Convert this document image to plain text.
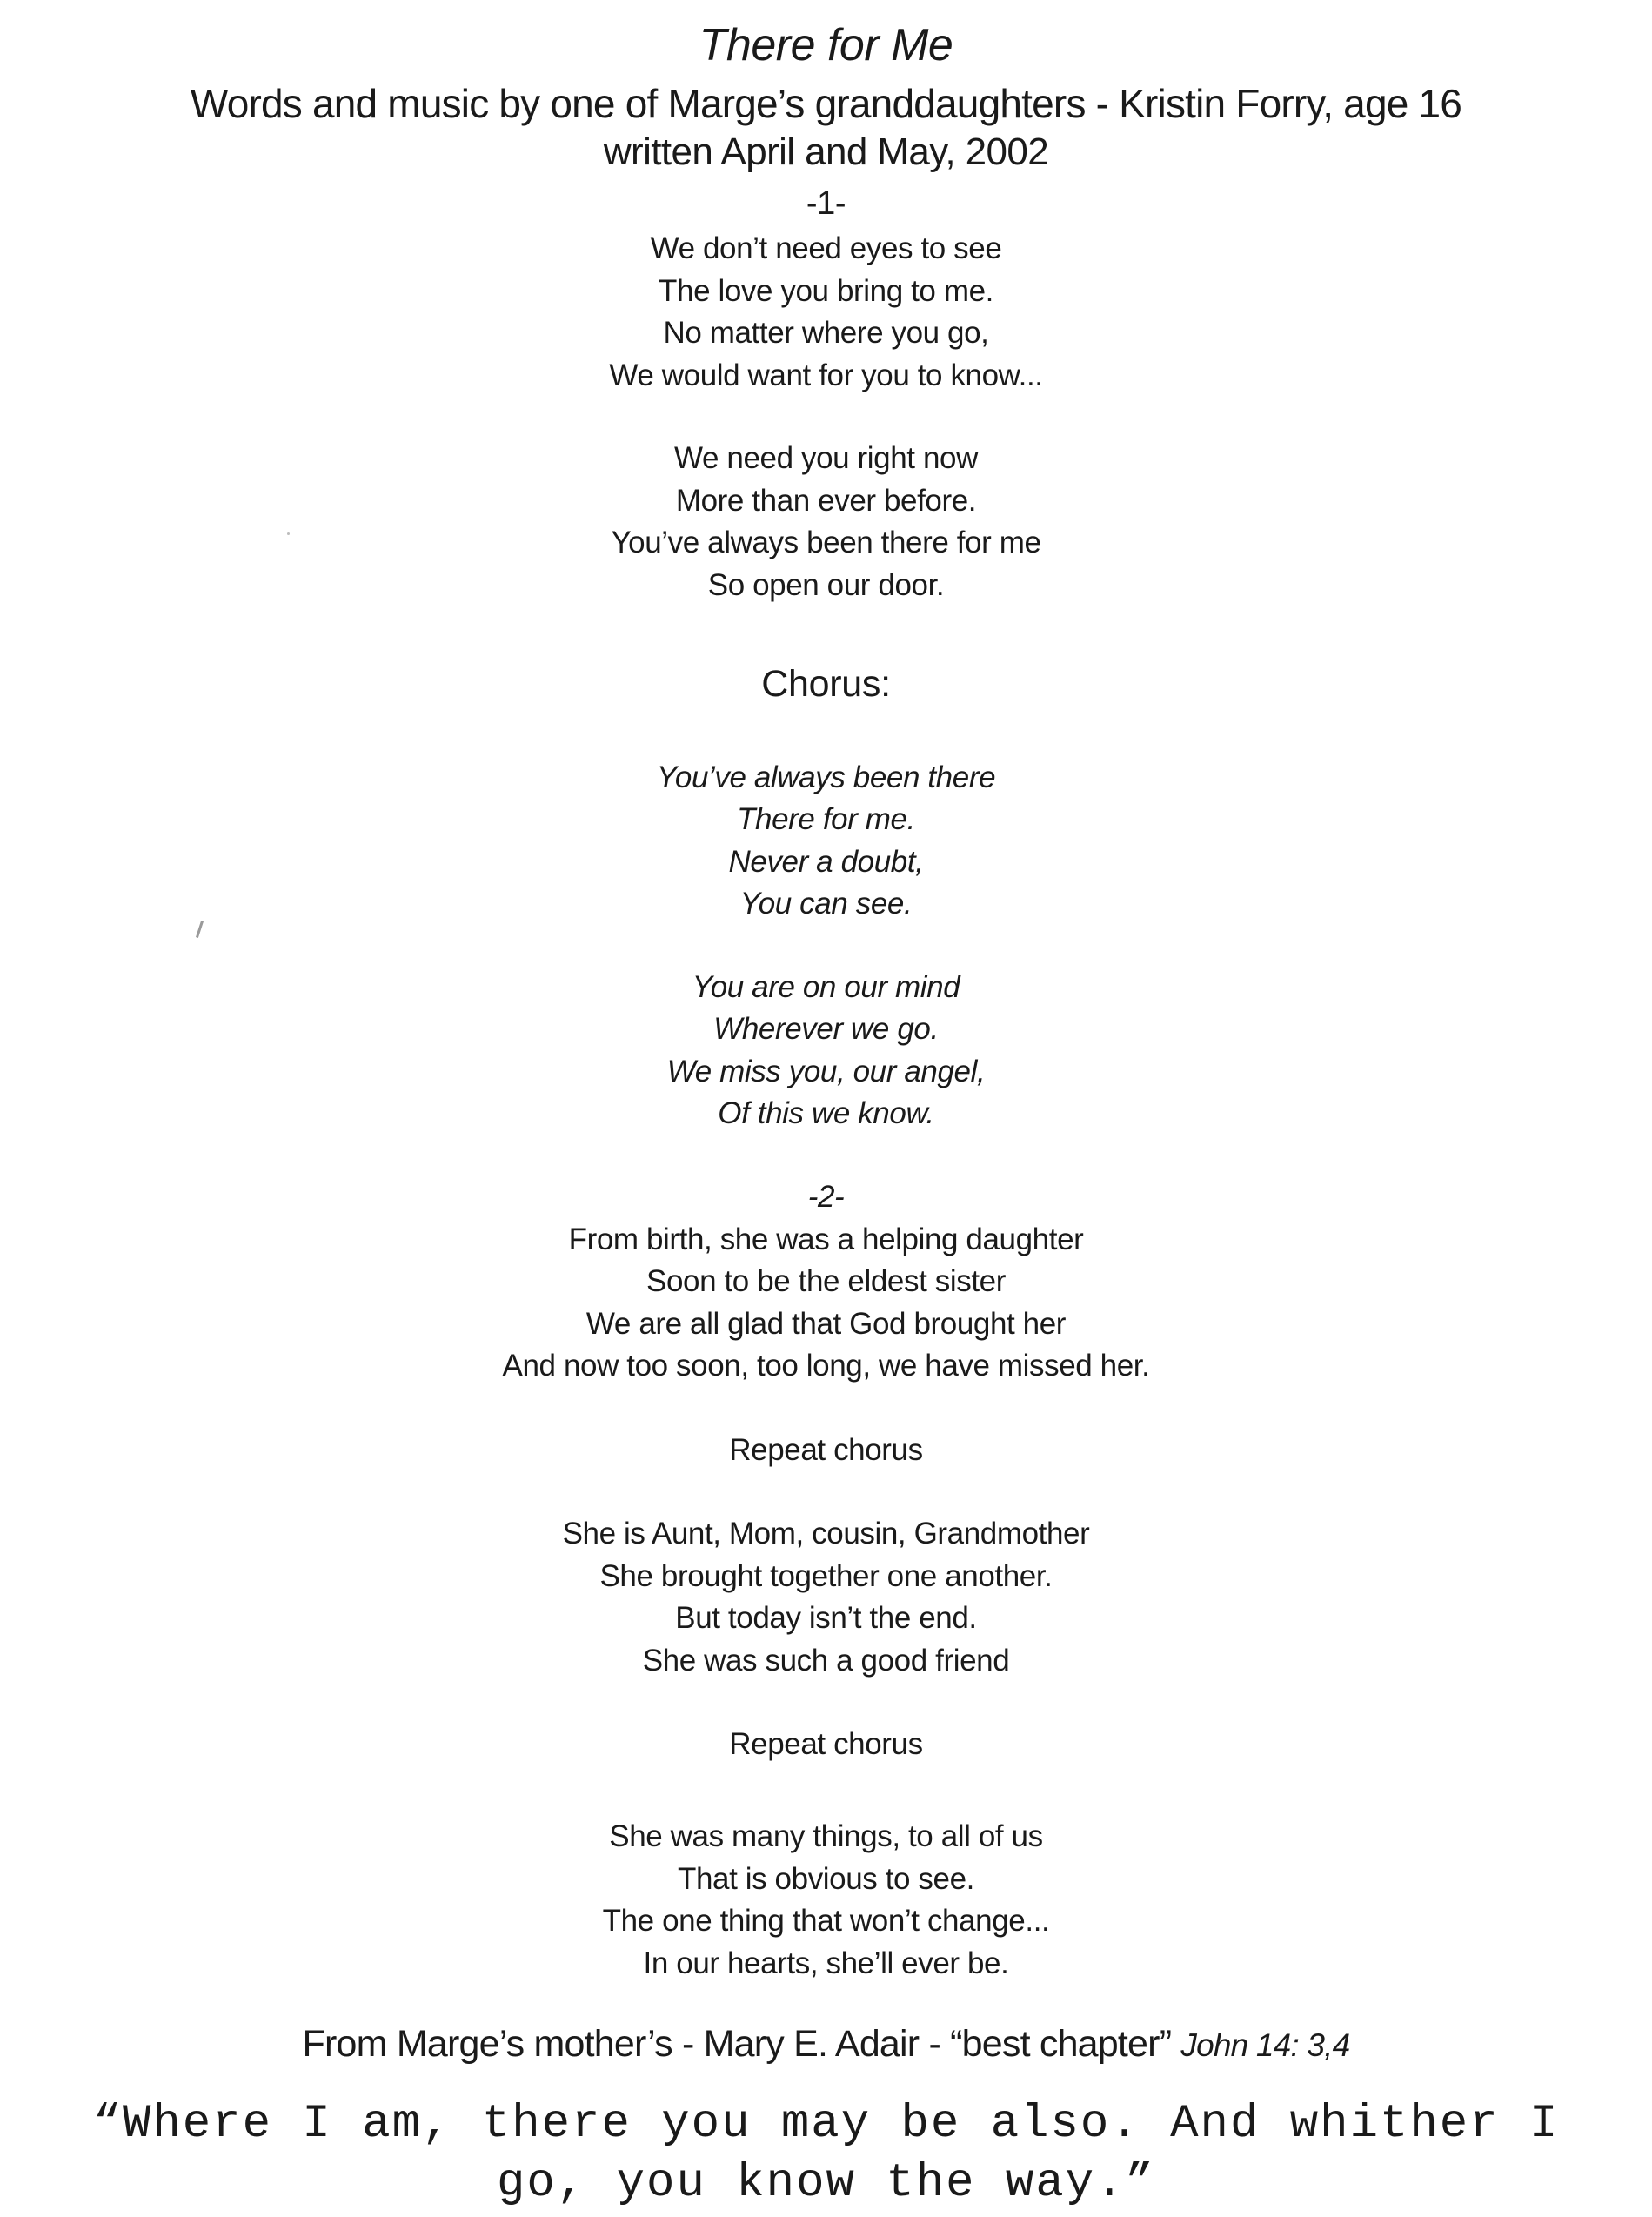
There for Me
Words and music by one of Marge’s granddaughters - Kristin Forry, age 16
written April and May, 2002
-1-
We don’t need eyes to see
The love you bring to me.
No matter where you go,
We would want for you to know...
We need you right now
More than ever before.
You’ve always been there for me
So open our door.
Chorus:
You’ve always been there
There for me.
Never a doubt,
You can see.
You are on our mind
Wherever we go.
We miss you, our angel,
Of this we know.
-2-
From birth, she was a helping daughter
Soon to be the eldest sister
We are all glad that God brought her
And now too soon, too long, we have missed her.
Repeat chorus
She is Aunt, Mom, cousin, Grandmother
She brought together one another.
But today isn’t the end.
She was such a good friend
Repeat chorus
She was many things, to all of us
That is obvious to see.
The one thing that won’t change...
In our hearts, she’ll ever be.
From Marge’s mother’s - Mary E. Adair - “best chapter” John 14: 3,4
“Where I am, there you may be also. And whither I
go, you know the way.”
